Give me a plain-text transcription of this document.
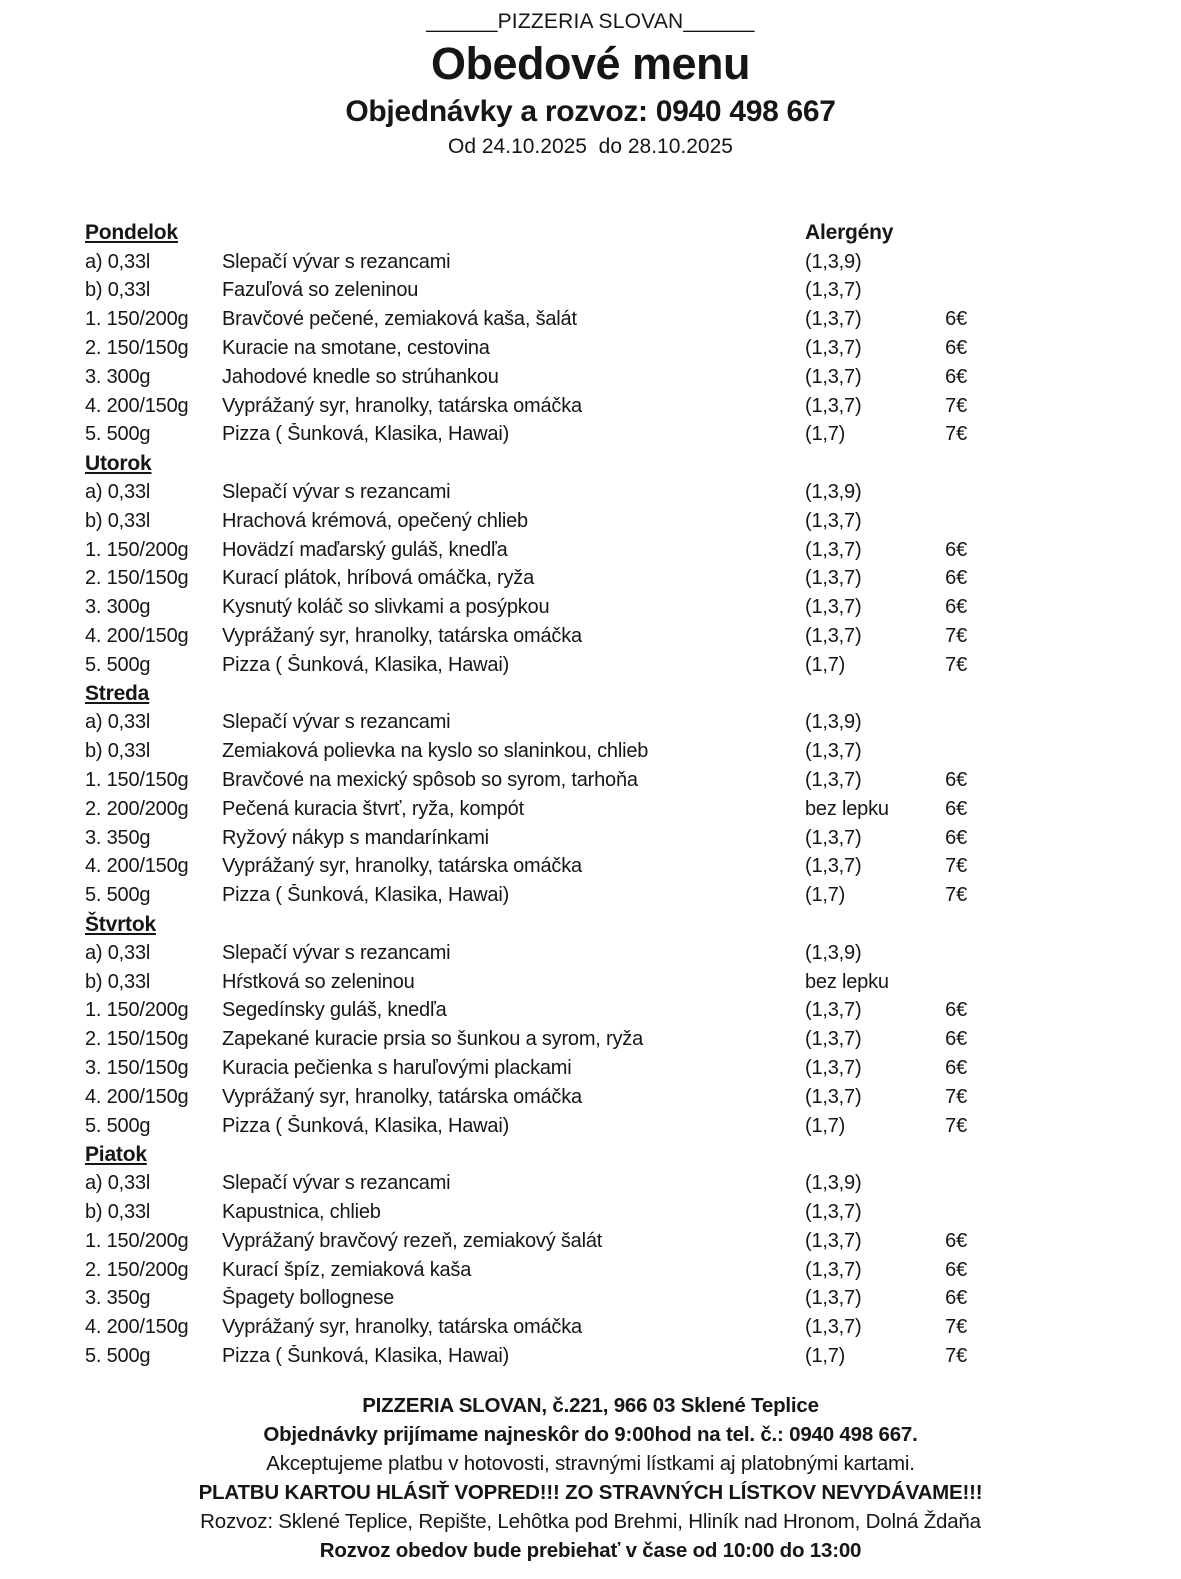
______PIZZERIA SLOVAN______
Obedové menu
Objednávky a rozvoz: 0940 498 667
Od 24.10.2025  do 28.10.2025
Pondelok	Alergény
a) 0,33l	Slepačí vývar s rezancami	(1,3,9)
b) 0,33l	Fazuľová so zeleninou	(1,3,7)
1. 150/200g	Bravčové pečené, zemiaková kaša, šalát	(1,3,7)	6€
2. 150/150g	Kuracie na smotane, cestovina	(1,3,7)	6€
3. 300g	Jahodové knedle so strúhankou	(1,3,7)	6€
4. 200/150g	Vyprážaný syr, hranolky, tatárska omáčka	(1,3,7)	7€
5. 500g	Pizza ( Šunková, Klasika, Hawai)	(1,7)	7€
Utorok
a) 0,33l	Slepačí vývar s rezancami	(1,3,9)
b) 0,33l	Hrachová krémová, opečený chlieb	(1,3,7)
1. 150/200g	Hovädzí maďarský guláš, knedľa	(1,3,7)	6€
2. 150/150g	Kurací plátok, hríbová omáčka, ryža	(1,3,7)	6€
3. 300g	Kysnutý koláč so slivkami a posýpkou	(1,3,7)	6€
4. 200/150g	Vyprážaný syr, hranolky, tatárska omáčka	(1,3,7)	7€
5. 500g	Pizza ( Šunková, Klasika, Hawai)	(1,7)	7€
Streda
a) 0,33l	Slepačí vývar s rezancami	(1,3,9)
b) 0,33l	Zemiaková polievka na kyslo so slaninkou, chlieb	(1,3,7)
1. 150/150g	Bravčové na mexický spôsob so syrom, tarhoňa	(1,3,7)	6€
2. 200/200g	Pečená kuracia štvrť, ryža, kompót	bez lepku	6€
3. 350g	Ryžový nákyp s mandarínkami	(1,3,7)	6€
4. 200/150g	Vyprážaný syr, hranolky, tatárska omáčka	(1,3,7)	7€
5. 500g	Pizza ( Šunková, Klasika, Hawai)	(1,7)	7€
Štvrtok
a) 0,33l	Slepačí vývar s rezancami	(1,3,9)
b) 0,33l	Hŕstková so zeleninou	bez lepku
1. 150/200g	Segedínsky guláš, knedľa	(1,3,7)	6€
2. 150/150g	Zapekané kuracie prsia so šunkou a syrom, ryža	(1,3,7)	6€
3. 150/150g	Kuracia pečienka s haruľovými plackami	(1,3,7)	6€
4. 200/150g	Vyprážaný syr, hranolky, tatárska omáčka	(1,3,7)	7€
5. 500g	Pizza ( Šunková, Klasika, Hawai)	(1,7)	7€
Piatok
a) 0,33l	Slepačí vývar s rezancami	(1,3,9)
b) 0,33l	Kapustnica, chlieb	(1,3,7)
1. 150/200g	Vyprážaný bravčový rezeň, zemiakový šalát	(1,3,7)	6€
2. 150/200g	Kurací špíz, zemiaková kaša	(1,3,7)	6€
3. 350g	Špagety bollognese	(1,3,7)	6€
4. 200/150g	Vyprážaný syr, hranolky, tatárska omáčka	(1,3,7)	7€
5. 500g	Pizza ( Šunková, Klasika, Hawai)	(1,7)	7€
PIZZERIA SLOVAN, č.221, 966 03 Sklené Teplice
Objednávky prijímame najneskôr do 9:00hod na tel. č.: 0940 498 667.
Akceptujeme platbu v hotovosti, stravnými lístkami aj platobnými kartami.
PLATBU KARTOU HLÁSIŤ VOPRED!!! ZO STRAVNÝCH LÍSTKOV NEVYDÁVAME!!!
Rozvoz: Sklené Teplice, Repište, Lehôtka pod Brehmi, Hliník nad Hronom, Dolná Ždaňa
Rozvoz obedov bude prebiehať v čase od 10:00 do 13:00
